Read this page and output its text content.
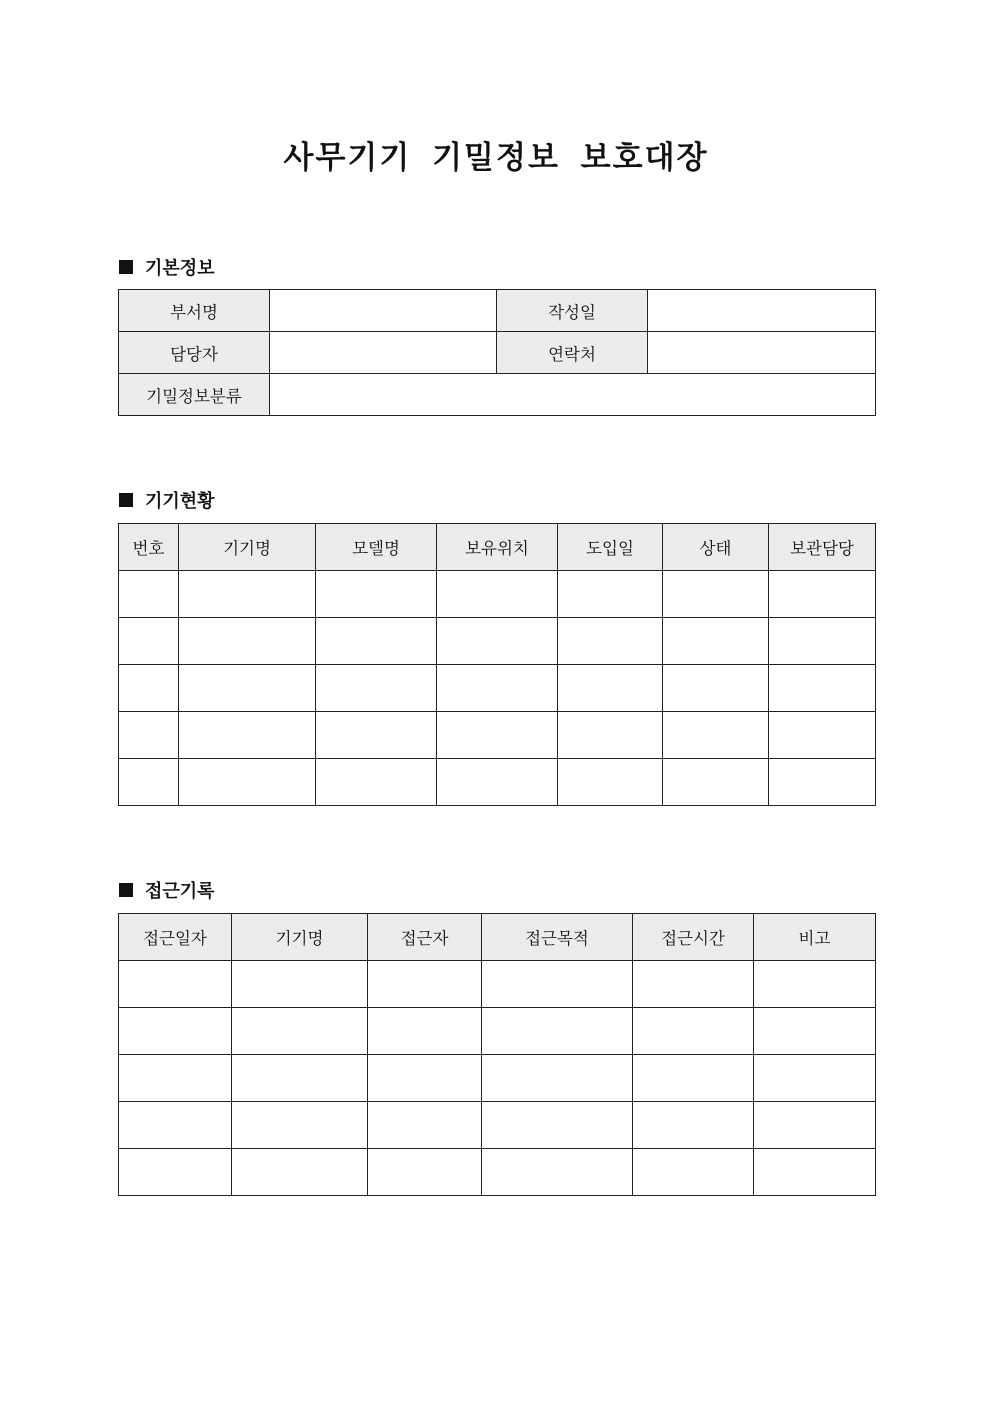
사무기기 기밀정보 보호대장
기본정보
부서명		작성일	
담당자		연락처	
기밀정보분류			
기기현황
번호	기기명	모델명	보유위치	도입일	상태	보관담당

접근기록
접근일자	기기명	접근자	접근목적	접근시간	비고
